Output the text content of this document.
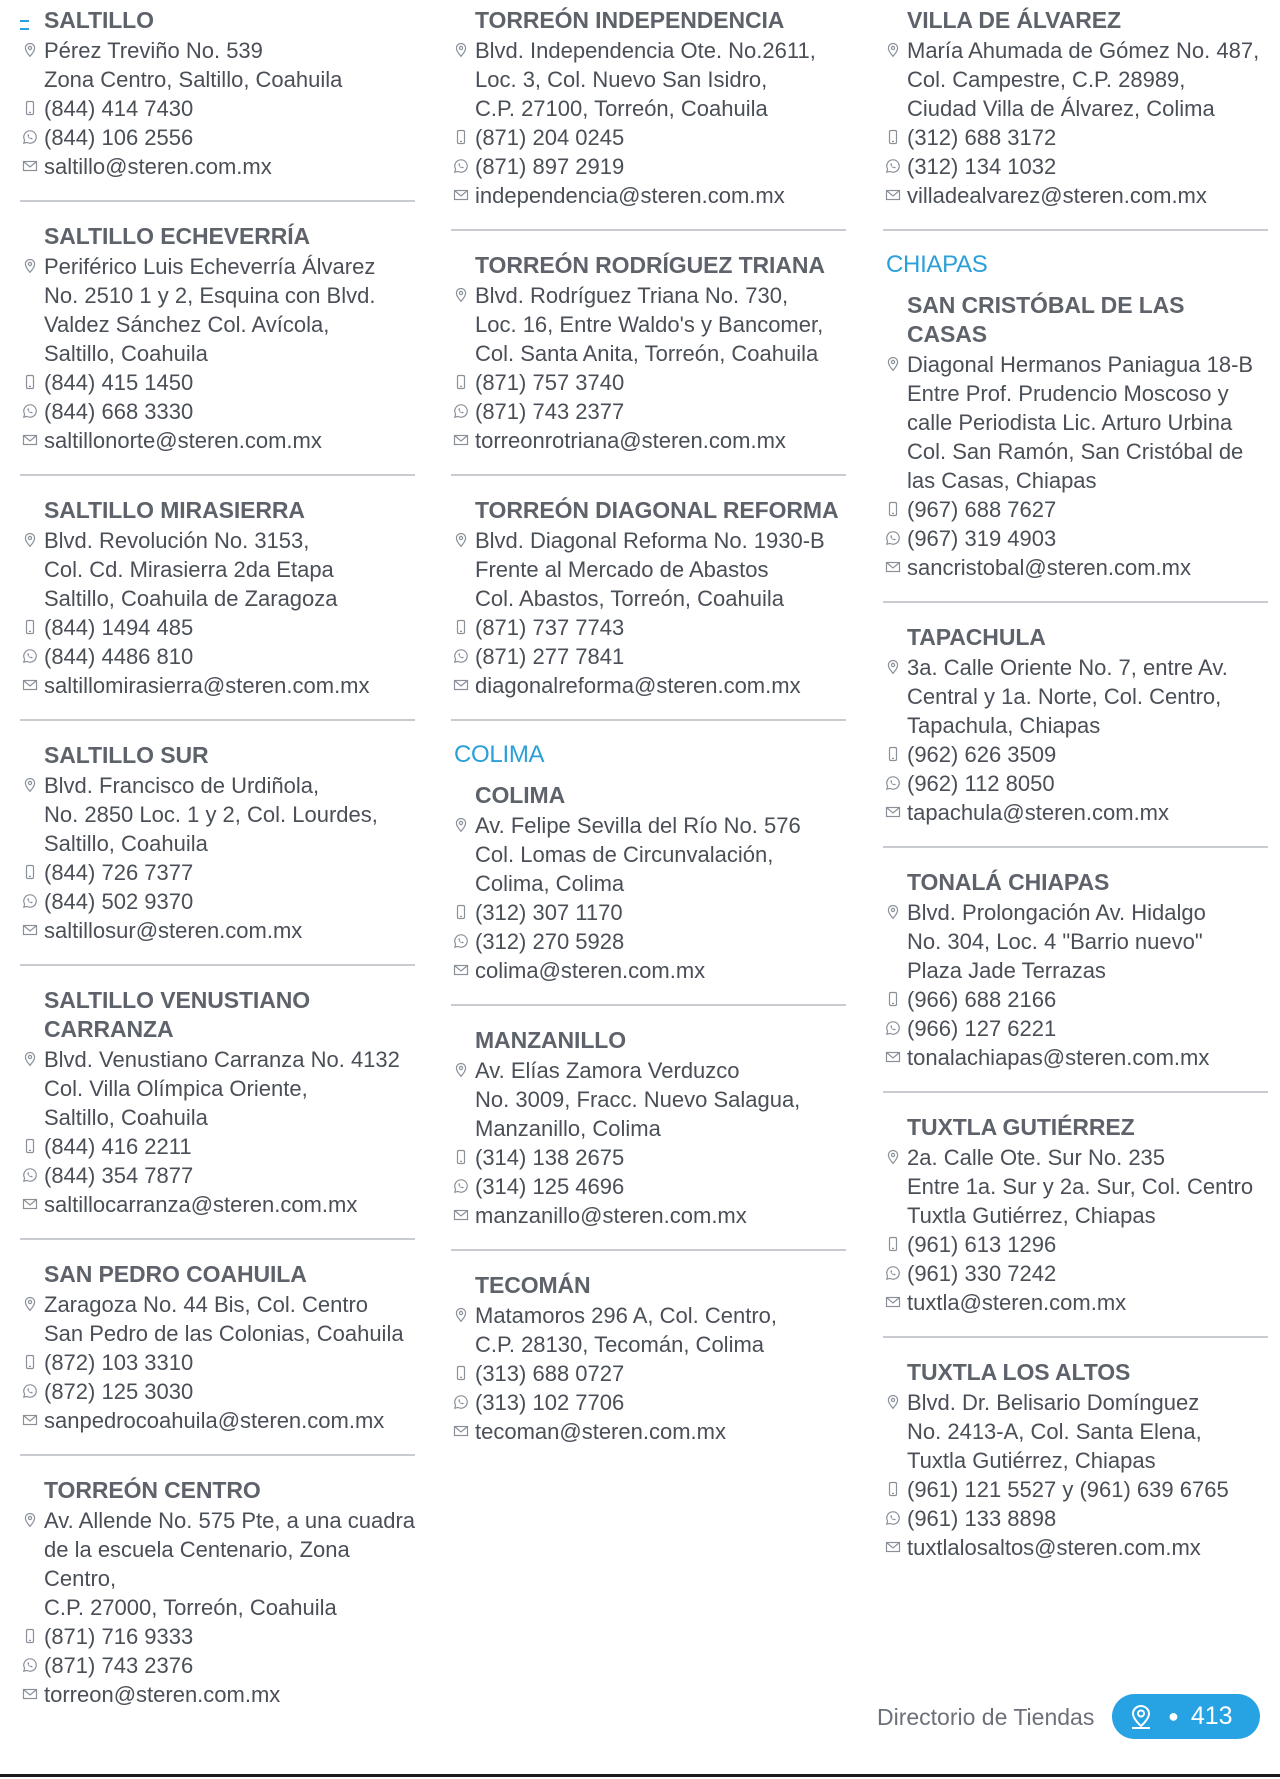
SALTILLO
Pérez Treviño No. 539
Zona Centro, Saltillo, Coahuila
(844) 414 7430
(844) 106 2556
saltillo@steren.com.mx
SALTILLO ECHEVERRÍA
Periférico Luis Echeverría Álvarez
No. 2510 1 y 2, Esquina con Blvd.
Valdez Sánchez Col. Avícola,
Saltillo, Coahuila
(844) 415 1450
(844) 668 3330
saltillonorte@steren.com.mx
SALTILLO MIRASIERRA
Blvd. Revolución No. 3153,
Col. Cd. Mirasierra 2da Etapa
Saltillo, Coahuila de Zaragoza
(844) 1494 485
(844) 4486 810
saltillomirasierra@steren.com.mx
SALTILLO SUR
Blvd. Francisco de Urdiñola,
No. 2850 Loc. 1 y 2, Col. Lourdes,
Saltillo, Coahuila
(844) 726 7377
(844) 502 9370
saltillosur@steren.com.mx
SALTILLO VENUSTIANO
CARRANZA
Blvd. Venustiano Carranza No. 4132
Col. Villa Olímpica Oriente,
Saltillo, Coahuila
(844) 416 2211
(844) 354 7877
saltillocarranza@steren.com.mx
SAN PEDRO COAHUILA
Zaragoza No. 44 Bis, Col. Centro
San Pedro de las Colonias, Coahuila
(872) 103 3310
(872) 125 3030
sanpedrocoahuila@steren.com.mx
TORREÓN CENTRO
Av. Allende No. 575 Pte, a una cuadra
de la escuela Centenario, Zona Centro,
C.P. 27000, Torreón, Coahuila
(871) 716 9333
(871) 743 2376
torreon@steren.com.mx
TORREÓN INDEPENDENCIA
Blvd. Independencia Ote. No.2611,
Loc. 3, Col. Nuevo San Isidro,
C.P. 27100, Torreón, Coahuila
(871) 204 0245
(871) 897 2919
independencia@steren.com.mx
TORREÓN RODRÍGUEZ TRIANA
Blvd. Rodríguez Triana No. 730,
Loc. 16, Entre Waldo's y Bancomer,
Col. Santa Anita, Torreón, Coahuila
(871) 757 3740
(871) 743 2377
torreonrotriana@steren.com.mx
TORREÓN DIAGONAL REFORMA
Blvd. Diagonal Reforma No. 1930-B
Frente al Mercado de Abastos
Col. Abastos, Torreón, Coahuila
(871) 737 7743
(871) 277 7841
diagonalreforma@steren.com.mx
COLIMA
COLIMA
Av. Felipe Sevilla del Río No. 576
Col. Lomas de Circunvalación,
Colima, Colima
(312) 307 1170
(312) 270 5928
colima@steren.com.mx
MANZANILLO
Av. Elías Zamora Verduzco
No. 3009, Fracc. Nuevo Salagua,
Manzanillo, Colima
(314) 138 2675
(314) 125 4696
manzanillo@steren.com.mx
TECOMÁN
Matamoros 296 A, Col. Centro,
C.P. 28130, Tecomán, Colima
(313) 688 0727
(313) 102 7706
tecoman@steren.com.mx
VILLA DE ÁLVAREZ
María Ahumada de Gómez No. 487,
Col. Campestre, C.P. 28989,
Ciudad Villa de Álvarez, Colima
(312) 688 3172
(312) 134 1032
villadealvarez@steren.com.mx
CHIAPAS
SAN CRISTÓBAL DE LAS CASAS
Diagonal Hermanos Paniagua 18-B
Entre Prof. Prudencio Moscoso y
calle Periodista Lic. Arturo Urbina
Col. San Ramón, San Cristóbal de
las Casas, Chiapas
(967) 688 7627
(967) 319 4903
sancristobal@steren.com.mx
TAPACHULA
3a. Calle Oriente No. 7, entre Av.
Central y 1a. Norte, Col. Centro,
Tapachula, Chiapas
(962) 626 3509
(962) 112 8050
tapachula@steren.com.mx
TONALÁ CHIAPAS
Blvd. Prolongación Av. Hidalgo
No. 304, Loc. 4 "Barrio nuevo"
Plaza Jade Terrazas
(966) 688 2166
(966) 127 6221
tonalachiapas@steren.com.mx
TUXTLA GUTIÉRREZ
2a. Calle Ote. Sur No. 235
Entre 1a. Sur y 2a. Sur, Col. Centro
Tuxtla Gutiérrez, Chiapas
(961) 613 1296
(961) 330 7242
tuxtla@steren.com.mx
TUXTLA LOS ALTOS
Blvd. Dr. Belisario Domínguez
No. 2413-A, Col. Santa Elena,
Tuxtla Gutiérrez, Chiapas
(961) 121 5527 y (961) 639 6765
(961) 133 8898
tuxtlalosaltos@steren.com.mx
Directorio de Tiendas	● 413
